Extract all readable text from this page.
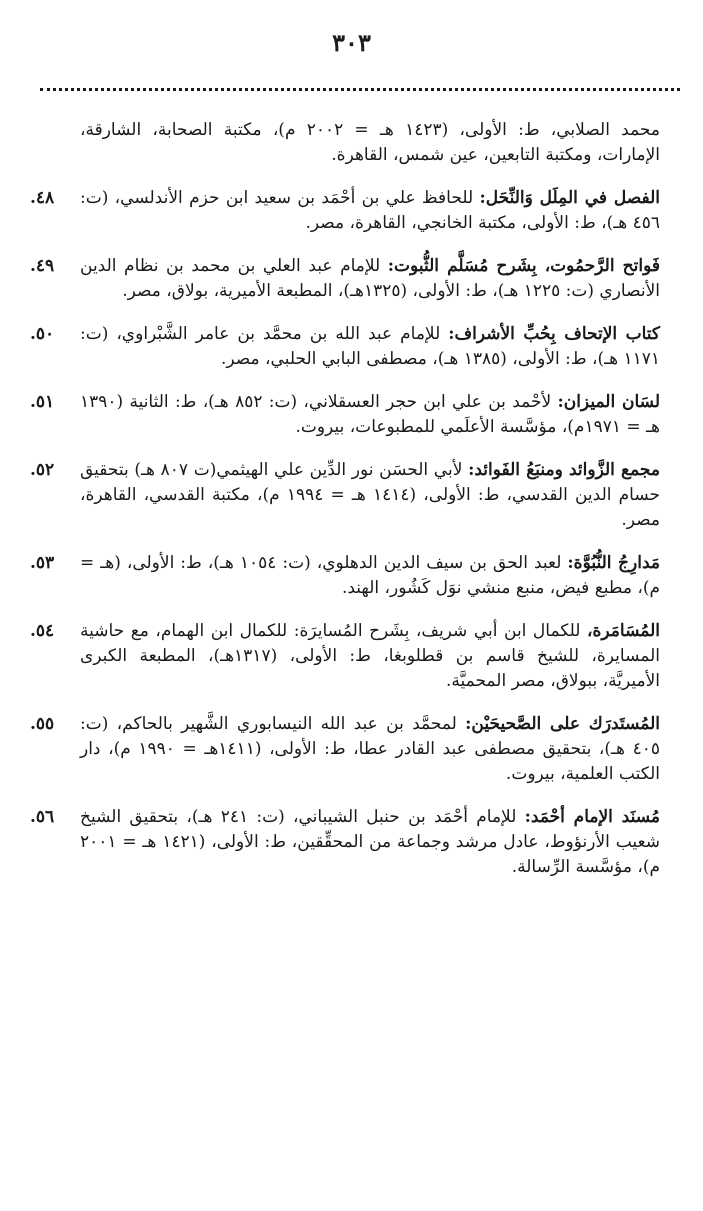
٣٠٣
محمد الصلابي، ط: الأولى، (١٤٢٣ هـ = ٢٠٠٢ م)، مكتبة الصحابة، الشارقة، الإمارات، ومكتبة التابعين، عين شمس، القاهرة.
٤٨.	الفصل في المِلَل وَالنِّحَل: للحافظ علي بن أحْمَد بن سعيد ابن حزم الأندلسي، (ت: ٤٥٦ هـ)، ط: الأولى، مكتبة الخانجي، القاهرة، مصر.
٤٩.	فَواتح الرَّحمُوت، بِشَرح مُسَلَّم الثُّبوت: للإمام عبد العلي بن محمد بن نظام الدين الأنصاري (ت: ١٢٢٥ هـ)، ط: الأولى، (١٣٢٥هـ)، المطبعة الأميرية، بولاق، مصر.
٥٠.	كتاب الإتحاف بِحُبِّ الأشراف: للإمام عبد الله بن محمَّد بن عامر الشَّبْراوي، (ت: ١١٧١ هـ)، ط: الأولى، (١٣٨٥ هـ)، مصطفى البابي الحلبي، مصر.
٥١.	لسَان الميزان: لأحْمد بن علي ابن حجر العسقلاني، (ت: ٨٥٢ هـ)، ط: الثانية (١٣٩٠ هـ = ١٩٧١م)، مؤسَّسة الأعلَمي للمطبوعات، بيروت.
٥٢.	مجمع الزَّوائد ومنبَعُ الفَوائد: لأبي الحسَن نور الدِّين علي الهيثمي(ت ٨٠٧ هـ) بتحقيق حسام الدين القدسي، ط: الأولى، (١٤١٤ هـ = ١٩٩٤ م)، مكتبة القدسي، القاهرة، مصر.
٥٣.	مَدارِجُ النُّبُوَّة: لعبد الحق بن سيف الدين الدهلوي، (ت: ١٠٥٤ هـ)، ط: الأولى، (هـ = م)، مطبع فيض، منبع منشي نوَل كَشُور، الهند.
٥٤.	المُسَامَرة، للكمال ابن أبي شريف، بِشَرح المُسايرَة: للكمال ابن الهمام، مع حاشية المسايرة، للشيخ قاسم بن قطلوبغا، ط: الأولى، (١٣١٧هـ)، المطبعة الكبرى الأميريَّة، ببولاق، مصر المحميَّة.
٥٥.	المُستَدرَك على الصَّحيحَيْن: لمحمَّد بن عبد الله النيسابوري الشَّهير بالحاكم، (ت: ٤٠٥ هـ)، بتحقيق مصطفى عبد القادر عطا، ط: الأولى، (١٤١١هـ = ١٩٩٠ م)، دار الكتب العلمية، بيروت.
٥٦.	مُسنَد الإمام أحْمَد: للإمام أحْمَد بن حنبل الشيباني، (ت: ٢٤١ هـ)، بتحقيق الشيخ شعيب الأرنؤوط، عادل مرشد وجماعة من المحقِّقين، ط: الأولى، (١٤٢١ هـ = ٢٠٠١ م)، مؤسَّسة الرِّسالة.
